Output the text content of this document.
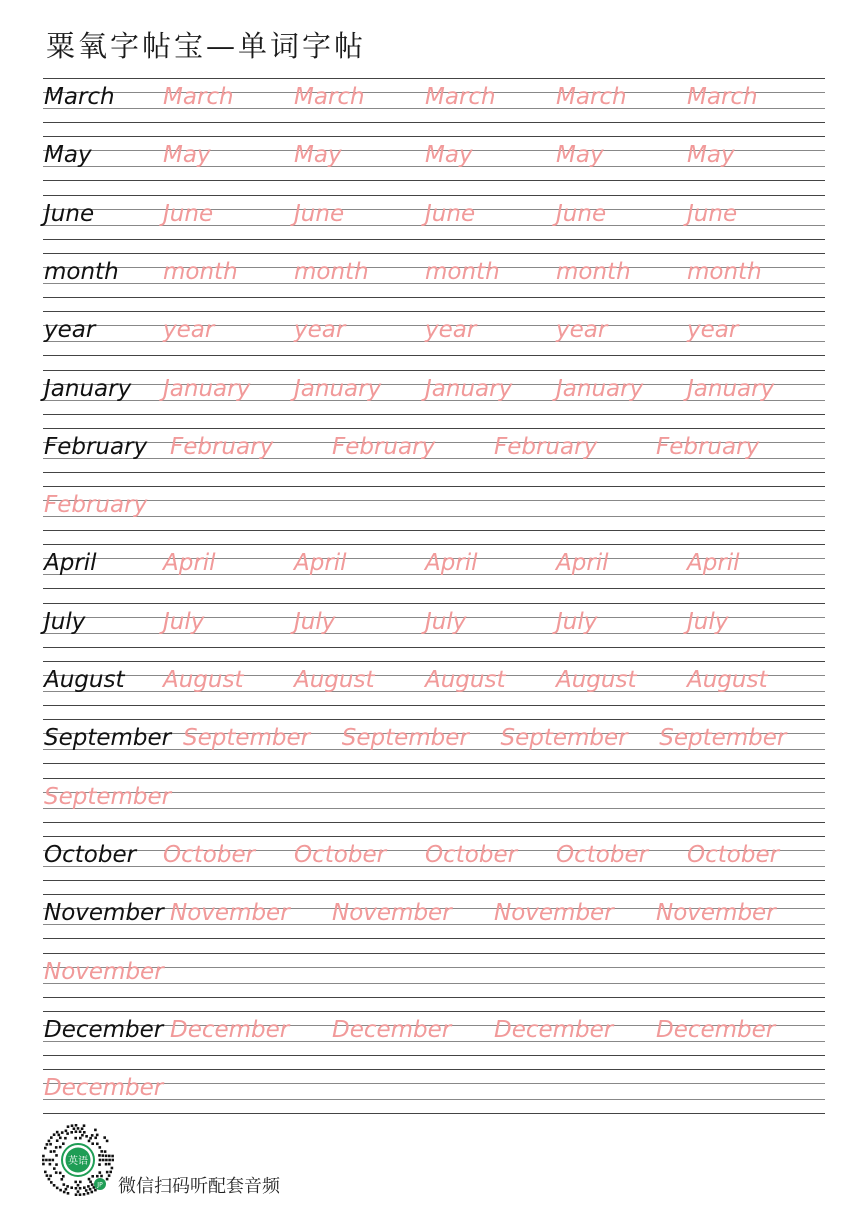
粟氧字帖宝—单词字帖
March March	March	March	March	March
May	May	May	May	May	May
June	June	June	June	June	June
month month month month month month
year	year	year	year	year	year
January January January January January January
February February	February	February	February
February
April	April	April	April	April	April
July	July	July	July	July	July
August August August August August August
September September September September September
September
October October October October October October
November November November November November
November
December December December December December
December
英语
JP 微信扫码听配套音频
